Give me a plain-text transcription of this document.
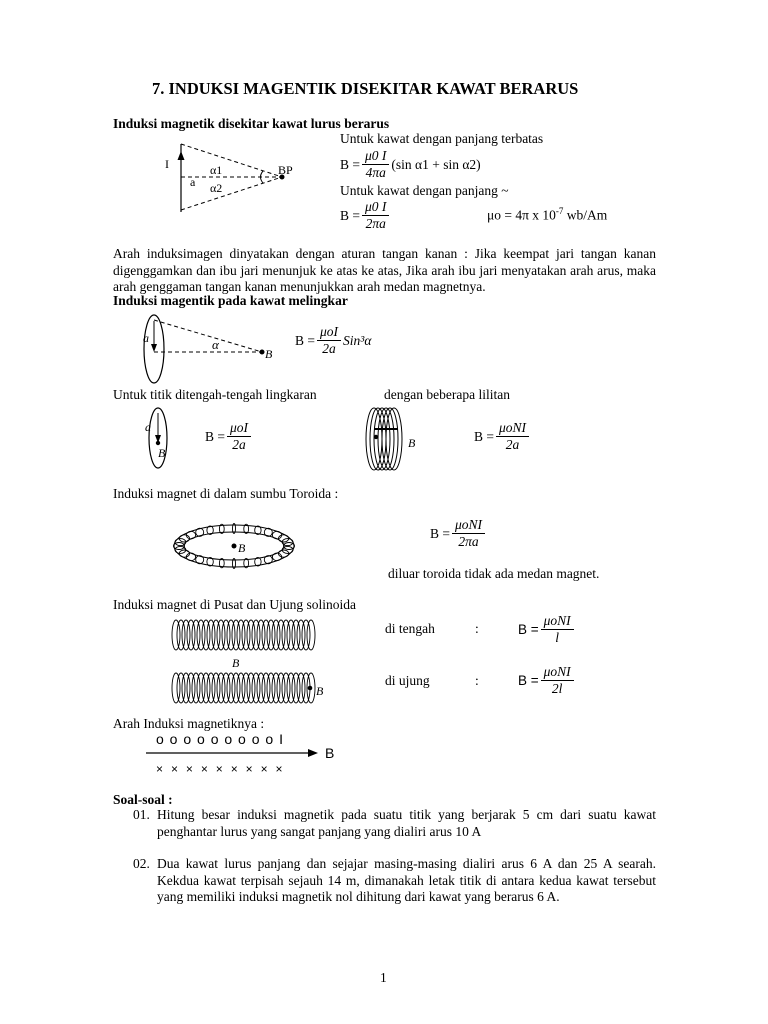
7. INDUKSI MAGENTIK DISEKITAR KAWAT BERARUS
Induksi magnetik disekitar kawat lurus berarus
Untuk kawat dengan panjang terbatas
I
a
α1
α2
BP	$B = \frac{\mu 0 I}{4\pi a} (\sin$ α1 + sin α2)
Untuk kawat dengan panjang ~
$B = \frac{\mu 0 I}{2\pi a}$	μo = 4π x $10^{-7}$ wb/Am
Arah induksimagen dinyatakan dengan aturan tangan kanan : Jika keempat jari tangan kanan digenggamkan dan ibu jari menunjuk ke atas ke atas, Jika arah ibu jari menyatakan arah arus, maka arah genggaman tangan kanan menunjukkan arah medan magnetnya.
Induksi magentik pada kawat melingkar
a	α
B
$B = \frac{\text{μoI}}{2a} Sin^3\alpha$
Untuk titik ditengah-tengah lingkaran	dengan beberapa lilitan
a
B
$B = \frac{\text{μoI}}{2a}$	B	$B = \frac{\text{μoNI}}{2a}$
Induksi magnet di dalam sumbu Toroida :
B
$B = \frac{\text{μoNI}}{2\pi a}$
diluar toroida tidak ada medan magnet.
Induksi magnet di Pusat dan Ujung solinoida
B
B
di tengah	:	$B = \frac{\text{μoNI}}{l}$
di ujung	:	$B = \frac{\text{μoNI}}{2l}$
Arah Induksi magnetiknya :
o o o o o o o o o I
B
× × × × × × × × ×
Soal-soal :
01. Hitung besar induksi magnetik pada suatu titik yang berjarak 5 cm dari suatu kawat penghantar lurus yang sangat panjang yang dialiri arus 10 A
02. Dua kawat lurus panjang dan sejajar masing-masing dialiri arus 6 A dan 25 A searah. Kekdua kawat terpisah sejauh 14 m, dimanakah letak titik di antara kedua kawat tersebut yang memiliki induksi magnetik nol dihitung dari kawat yang berarus 6 A.
1
